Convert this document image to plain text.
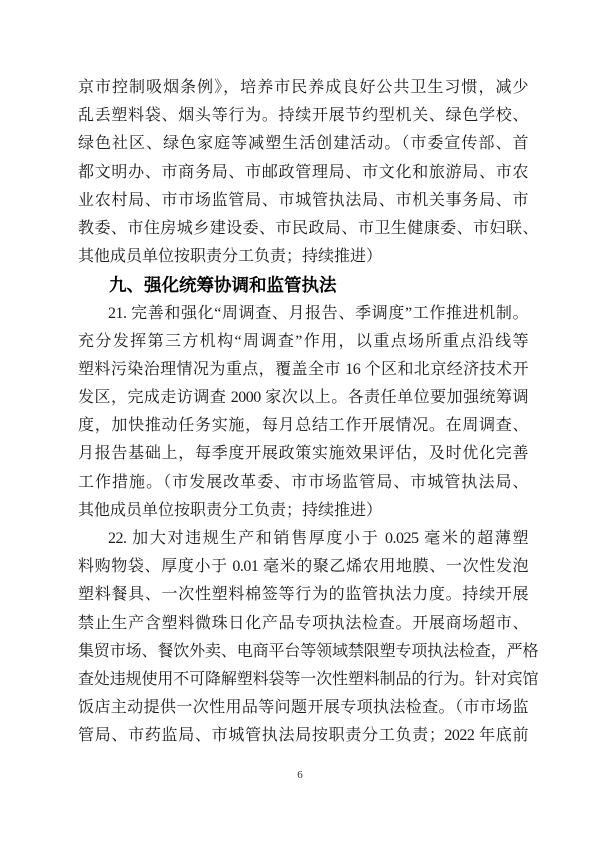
京市控制吸烟条例》，培养市民养成良好公共卫生习惯，减少
乱丢塑料袋、烟头等行为。持续开展节约型机关、绿色学校、
绿色社区、绿色家庭等减塑生活创建活动。（市委宣传部、首
都文明办、市商务局、市邮政管理局、市文化和旅游局、市农
业农村局、市市场监管局、市城管执法局、市机关事务局、市
教委、市住房城乡建设委、市民政局、市卫生健康委、市妇联、
其他成员单位按职责分工负责；持续推进）
九、强化统筹协调和监管执法
21. 完善和强化“周调查、月报告、季调度”工作推进机制。
充分发挥第三方机构“周调查”作用，以重点场所重点沿线等
塑料污染治理情况为重点，覆盖全市 16 个区和北京经济技术开
发区，完成走访调查 2000 家次以上。各责任单位要加强统筹调
度，加快推动任务实施，每月总结工作开展情况。在周调查、
月报告基础上，每季度开展政策实施效果评估，及时优化完善
工作措施。（市发展改革委、市市场监管局、市城管执法局、
其他成员单位按职责分工负责；持续推进）
22. 加大对违规生产和销售厚度小于 0.025 毫米的超薄塑
料购物袋、厚度小于 0.01 毫米的聚乙烯农用地膜、一次性发泡
塑料餐具、一次性塑料棉签等行为的监管执法力度。持续开展
禁止生产含塑料微珠日化产品专项执法检查。开展商场超市、
集贸市场、餐饮外卖、电商平台等领域禁限塑专项执法检查，严格
查处违规使用不可降解塑料袋等一次性塑料制品的行为。针对宾馆
饭店主动提供一次性用品等问题开展专项执法检查。（市市场监
管局、市药监局、市城管执法局按职责分工负责；2022 年底前
6
